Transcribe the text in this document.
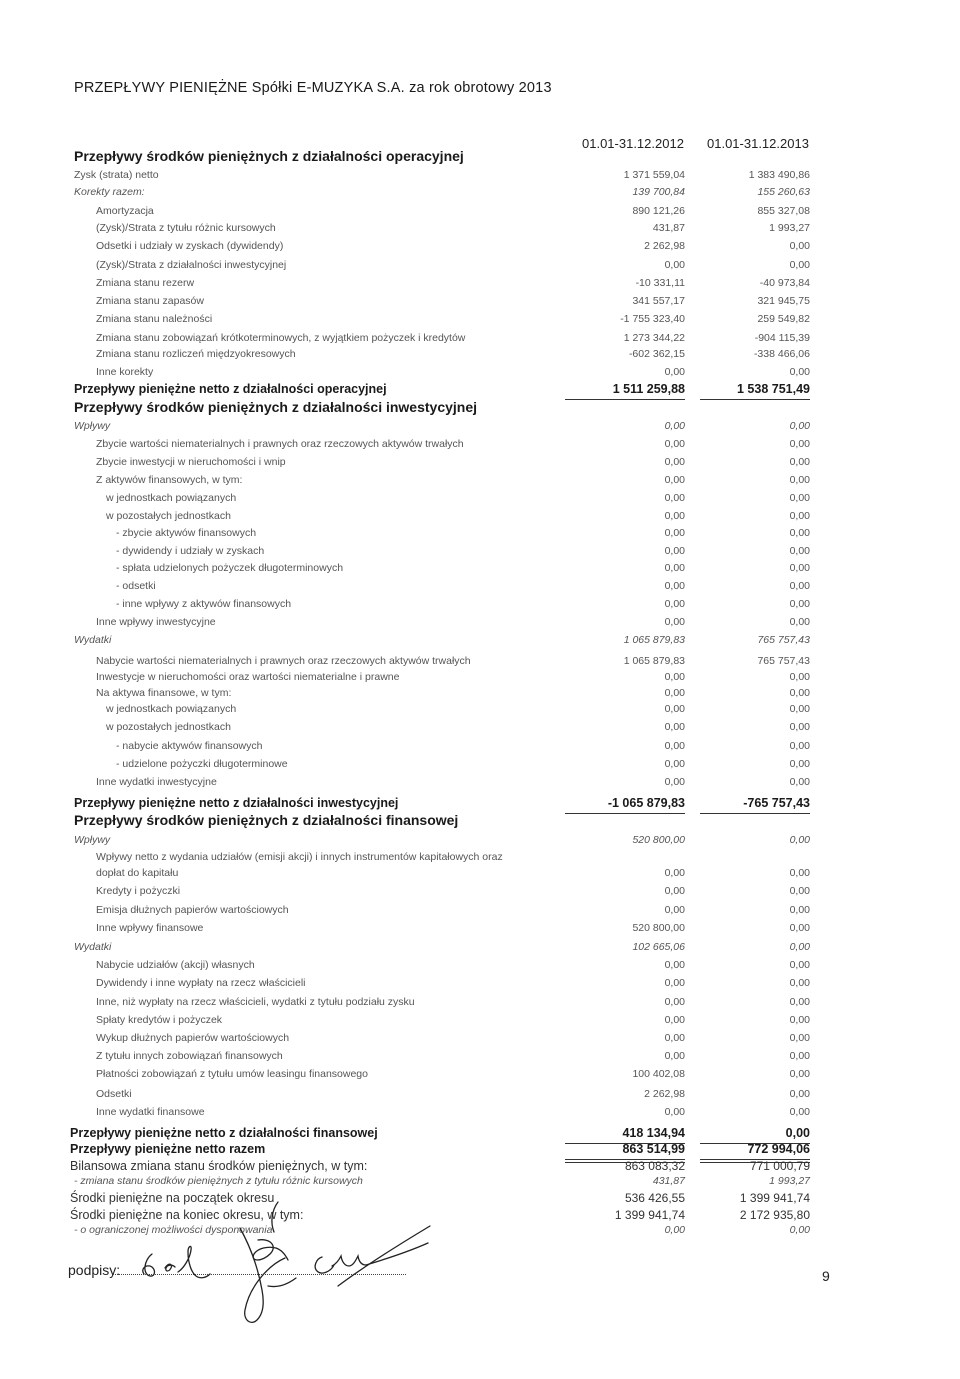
PRZEPŁYWY PIENIĘŻNE Spółki E-MUZYKA S.A. za rok obrotowy 2013
01.01-31.12.2012 01.01-31.12.2013
Przepływy środków pieniężnych z działalności operacyjnej
Zysk (strata) netto	1 371 559,04	1 383 490,86
Korekty razem:	139 700,84	155 260,63
Amortyzacja	890 121,26	855 327,08
(Zysk)/Strata z tytułu różnic kursowych	431,87	1 993,27
Odsetki i udziały w zyskach (dywidendy)	2 262,98	0,00
(Zysk)/Strata z działalności inwestycyjnej	0,00	0,00
Zmiana stanu rezerw	-10 331,11	-40 973,84
Zmiana stanu zapasów	341 557,17	321 945,75
Zmiana stanu należności	-1 755 323,40	259 549,82
Zmiana stanu zobowiązań krótkoterminowych, z wyjątkiem pożyczek i kredytów	1 273 344,22	-904 115,39
Zmiana stanu rozliczeń międzyokresowych	-602 362,15	-338 466,06
Inne korekty	0,00	0,00
Przepływy pieniężne netto z działalności operacyjnej	1 511 259,88	1 538 751,49
Przepływy środków pieniężnych z działalności inwestycyjnej
Wpływy	0,00	0,00
Zbycie wartości niematerialnych i prawnych oraz rzeczowych aktywów trwałych	0,00	0,00
Zbycie inwestycji w nieruchomości i wnip	0,00	0,00
Z aktywów finansowych, w tym:	0,00	0,00
w jednostkach powiązanych	0,00	0,00
w pozostałych jednostkach	0,00	0,00
- zbycie aktywów finansowych	0,00	0,00
- dywidendy i udziały w zyskach	0,00	0,00
- spłata udzielonych pożyczek długoterminowych	0,00	0,00
- odsetki	0,00	0,00
- inne wpływy z aktywów finansowych	0,00	0,00
Inne wpływy inwestycyjne	0,00	0,00
Wydatki	1 065 879,83	765 757,43
Nabycie wartości niematerialnych i prawnych oraz rzeczowych aktywów trwałych	1 065 879,83	765 757,43
Inwestycje w nieruchomości oraz wartości niematerialne i prawne	0,00	0,00
Na aktywa finansowe, w tym:	0,00	0,00
w jednostkach powiązanych	0,00	0,00
w pozostałych jednostkach	0,00	0,00
- nabycie aktywów finansowych	0,00	0,00
- udzielone pożyczki długoterminowe	0,00	0,00
Inne wydatki inwestycyjne	0,00	0,00
Przepływy pieniężne netto z działalności inwestycyjnej	-1 065 879,83	-765 757,43
Przepływy środków pieniężnych z działalności finansowej
Wpływy	520 800,00	0,00
Wpływy netto z wydania udziałów (emisji akcji) i innych instrumentów kapitałowych oraz
dopłat do kapitału	0,00	0,00
Kredyty i pożyczki	0,00	0,00
Emisja dłużnych papierów wartościowych	0,00	0,00
Inne wpływy finansowe	520 800,00	0,00
Wydatki	102 665,06	0,00
Nabycie udziałów (akcji) własnych	0,00	0,00
Dywidendy i inne wypłaty na rzecz właścicieli	0,00	0,00
Inne, niż wypłaty na rzecz właścicieli, wydatki z tytułu podziału zysku	0,00	0,00
Spłaty kredytów i pożyczek	0,00	0,00
Wykup dłużnych papierów wartościowych	0,00	0,00
Z tytułu innych zobowiązań finansowych	0,00	0,00
Płatności zobowiązań z tytułu umów leasingu finansowego	100 402,08	0,00
Odsetki	2 262,98	0,00
Inne wydatki finansowe	0,00	0,00
Przepływy pieniężne netto z działalności finansowej	418 134,94	0,00
Przepływy pieniężne netto razem	863 514,99	772 994,06
Bilansowa zmiana stanu środków pieniężnych, w tym:	863 083,32	771 000,79
- zmiana stanu środków pieniężnych z tytułu różnic kursowych	431,87	1 993,27
Środki pieniężne na początek okresu	536 426,55	1 399 941,74
Środki pieniężne na koniec okresu, w tym:	1 399 941,74	2 172 935,80
- o ograniczonej możliwości dysponowania	0,00	0,00
podpisy:	9
